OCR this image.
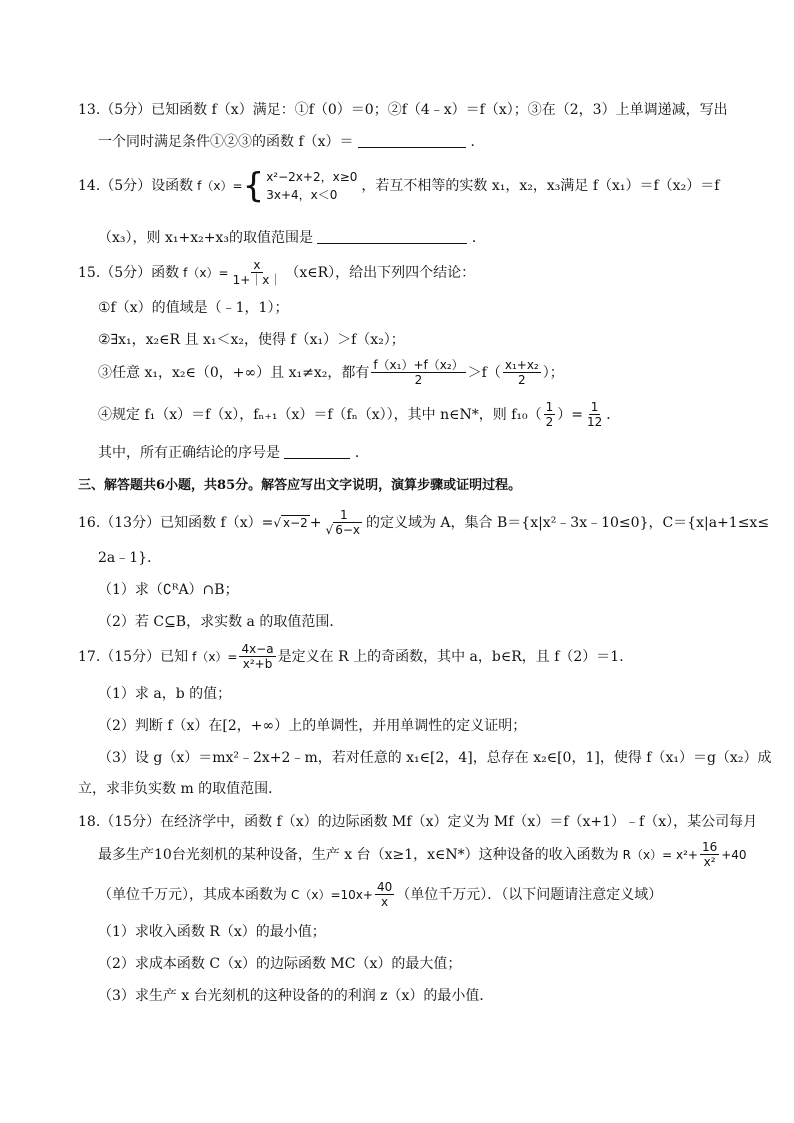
13.（5分）已知函数 f（x）满足：①f（0）＝0；②f（4﹣x）＝f（x）；③在（2，3）上单调递减，写出
一个同时满足条件①②③的函数 f（x）＝	．
14.（5分）设函数 f（x）= { x²−2x+2，x≥0
3x+4，x＜0
，若互不相等的实数 x₁，x₂，x₃满足 f（x₁）＝f（x₂）＝f
（x₃），则 x₁+x₂+x₃的取值范围是	．
15.（5分）函数 $f(x)= \frac{x}{1+|x|}$ （x∈R），给出下列四个结论：
①f（x）的值域是（﹣1，1）；
②∃x₁，x₂∈R 且 x₁＜x₂，使得 f（x₁）＞f（x₂）；
③任意 x₁，x₂∈（0，+∞）且 x₁≠x₂，都有 $\frac{\text{f（x₁）+f（x₂）}}{2} >f( \frac{\text{x₁+x₂}}{2}$ ）；
④规定 f₁（x）＝f（x），fₙ₊₁（x）＝f（fₙ（x）），其中 n∈N*，则 $f_{10}( \frac{1}{2}$ ）= $\frac{1}{12}$ ．
其中，所有正确结论的序号是	．
三、解答题共6小题，共85分。解答应写出文字说明，演算步骤或证明过程。
16.（13分）已知函数 f（x）= √ $x-2 + \frac{1}{√ 6-x}$ 的定义域为 A，集合 B＝{x|x²﹣3x﹣10≤0}，C＝{x|a+1≤x≤
2a﹣1}．
（1）求（∁ᴿA）∩B；
（2）若 C⊆B，求实数 a 的取值范围．
17.（15分）已知 $f(x)= \frac{4x-a}{\text{x²+b}}$ 是定义在 R 上的奇函数，其中 a，b∈R，且 f（2）＝1．
（1）求 a，b 的值；
（2）判断 f（x）在[2，+∞）上的单调性，并用单调性的定义证明；
（3）设 g（x）＝mx²﹣2x+2﹣m，若对任意的 x₁∈[2，4]，总存在 x₂∈[0，1]，使得 f（x₁）＝g（x₂）成
立，求非负实数 m 的取值范围．
18.（15分）在经济学中，函数 f（x）的边际函数 Mf（x）定义为 Mf（x）＝f（x+1）﹣f（x），某公司每月
最多生产10台光刻机的某种设备，生产 x 台（x≥1，x∈N*）这种设备的收入函数为 $R(x)= x^2+ \frac{16}{\text{x²}} +40$
（单位千万元），其成本函数为 $C(x)=10x+ \frac{40}{x}$ （单位千万元）．（以下问题请注意定义域）
（1）求收入函数 R（x）的最小值；
（2）求成本函数 C（x）的边际函数 MC（x）的最大值；
（3）求生产 x 台光刻机的这种设备的的利润 z（x）的最小值．
